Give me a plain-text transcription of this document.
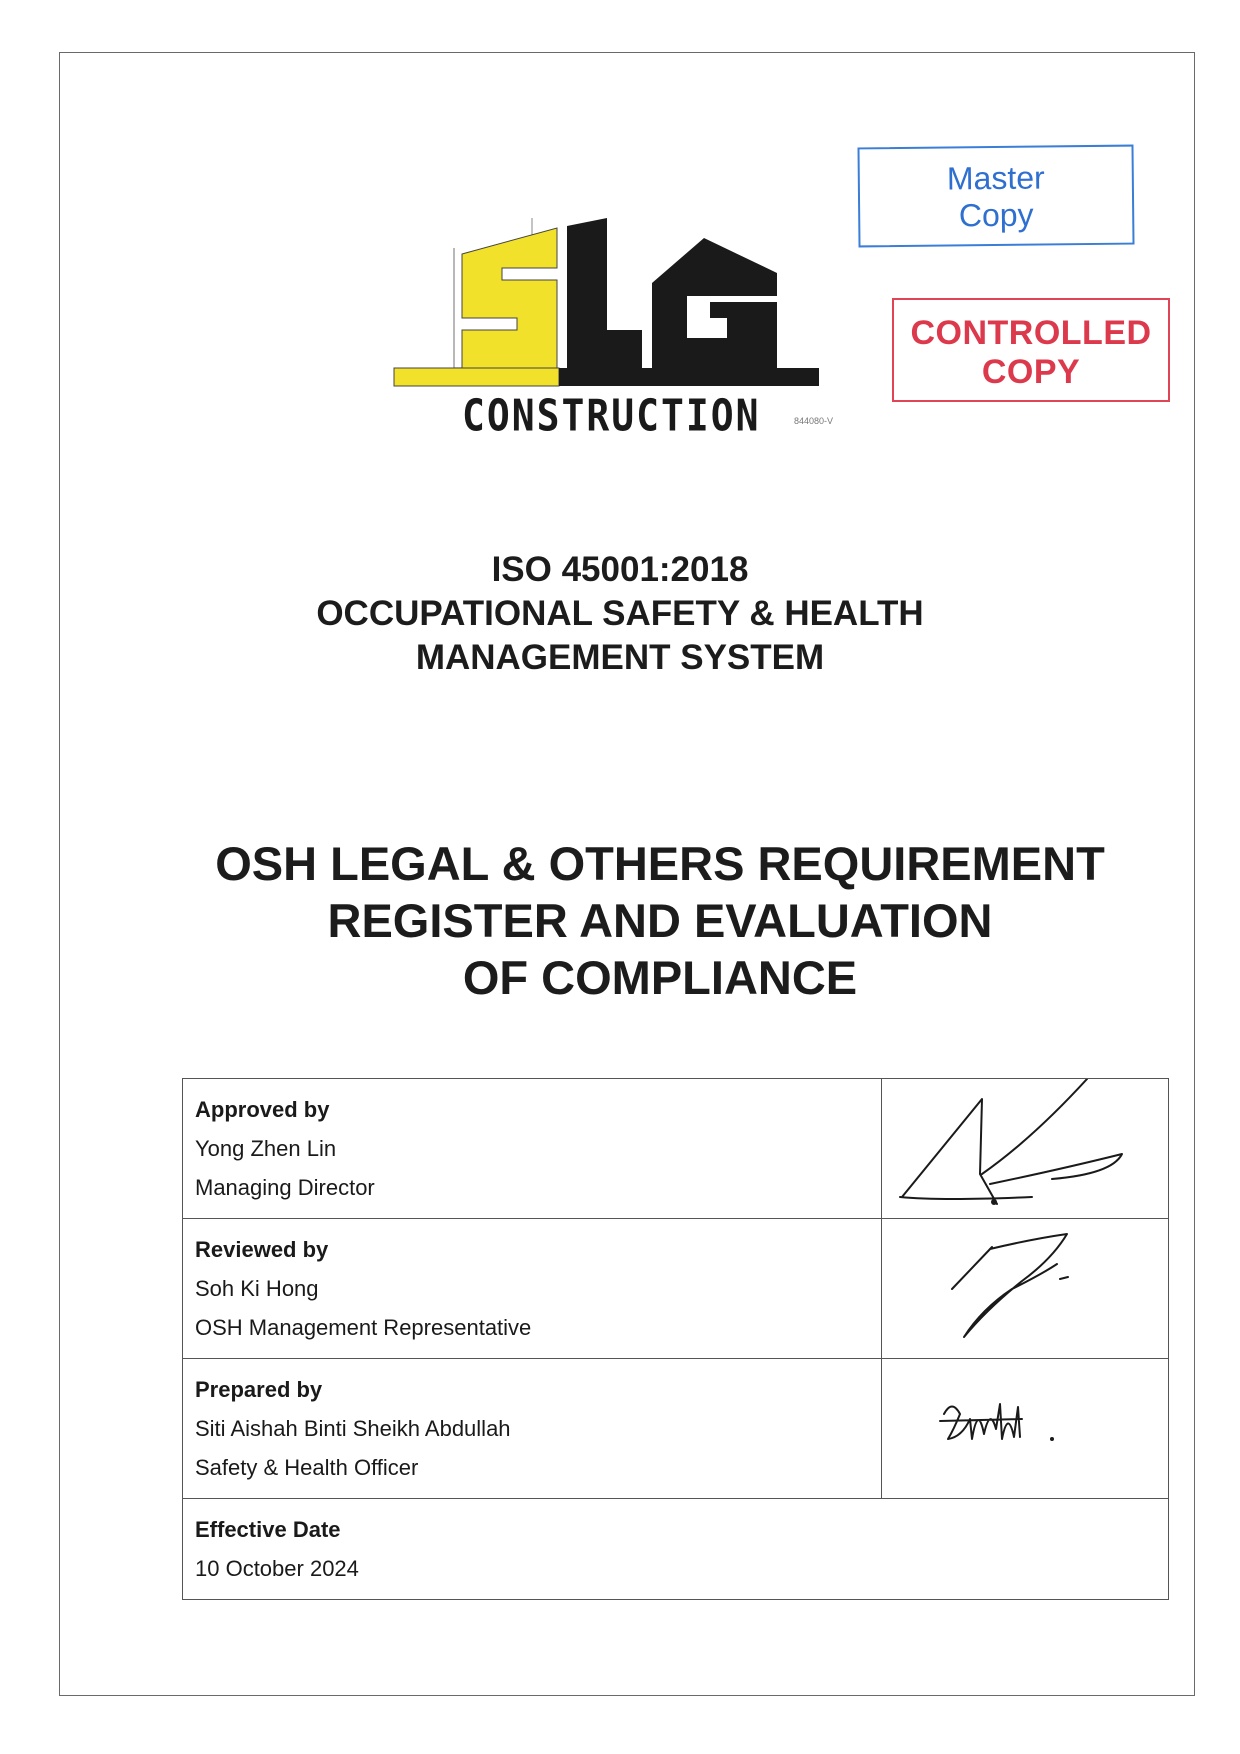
CONSTRUCTION	844080-V
Master
Copy
CONTROLLED
COPY
ISO 45001:2018
OCCUPATIONAL SAFETY & HEALTH
MANAGEMENT SYSTEM
OSH LEGAL & OTHERS REQUIREMENT
REGISTER AND EVALUATION
OF COMPLIANCE
Approved by
Yong Zhen Lin
Managing Director

Reviewed by
Soh Ki Hong
OSH Management Representative

Prepared by
Siti Aishah Binti Sheikh Abdullah
Safety & Health Officer

Effective Date
10 October 2024	
